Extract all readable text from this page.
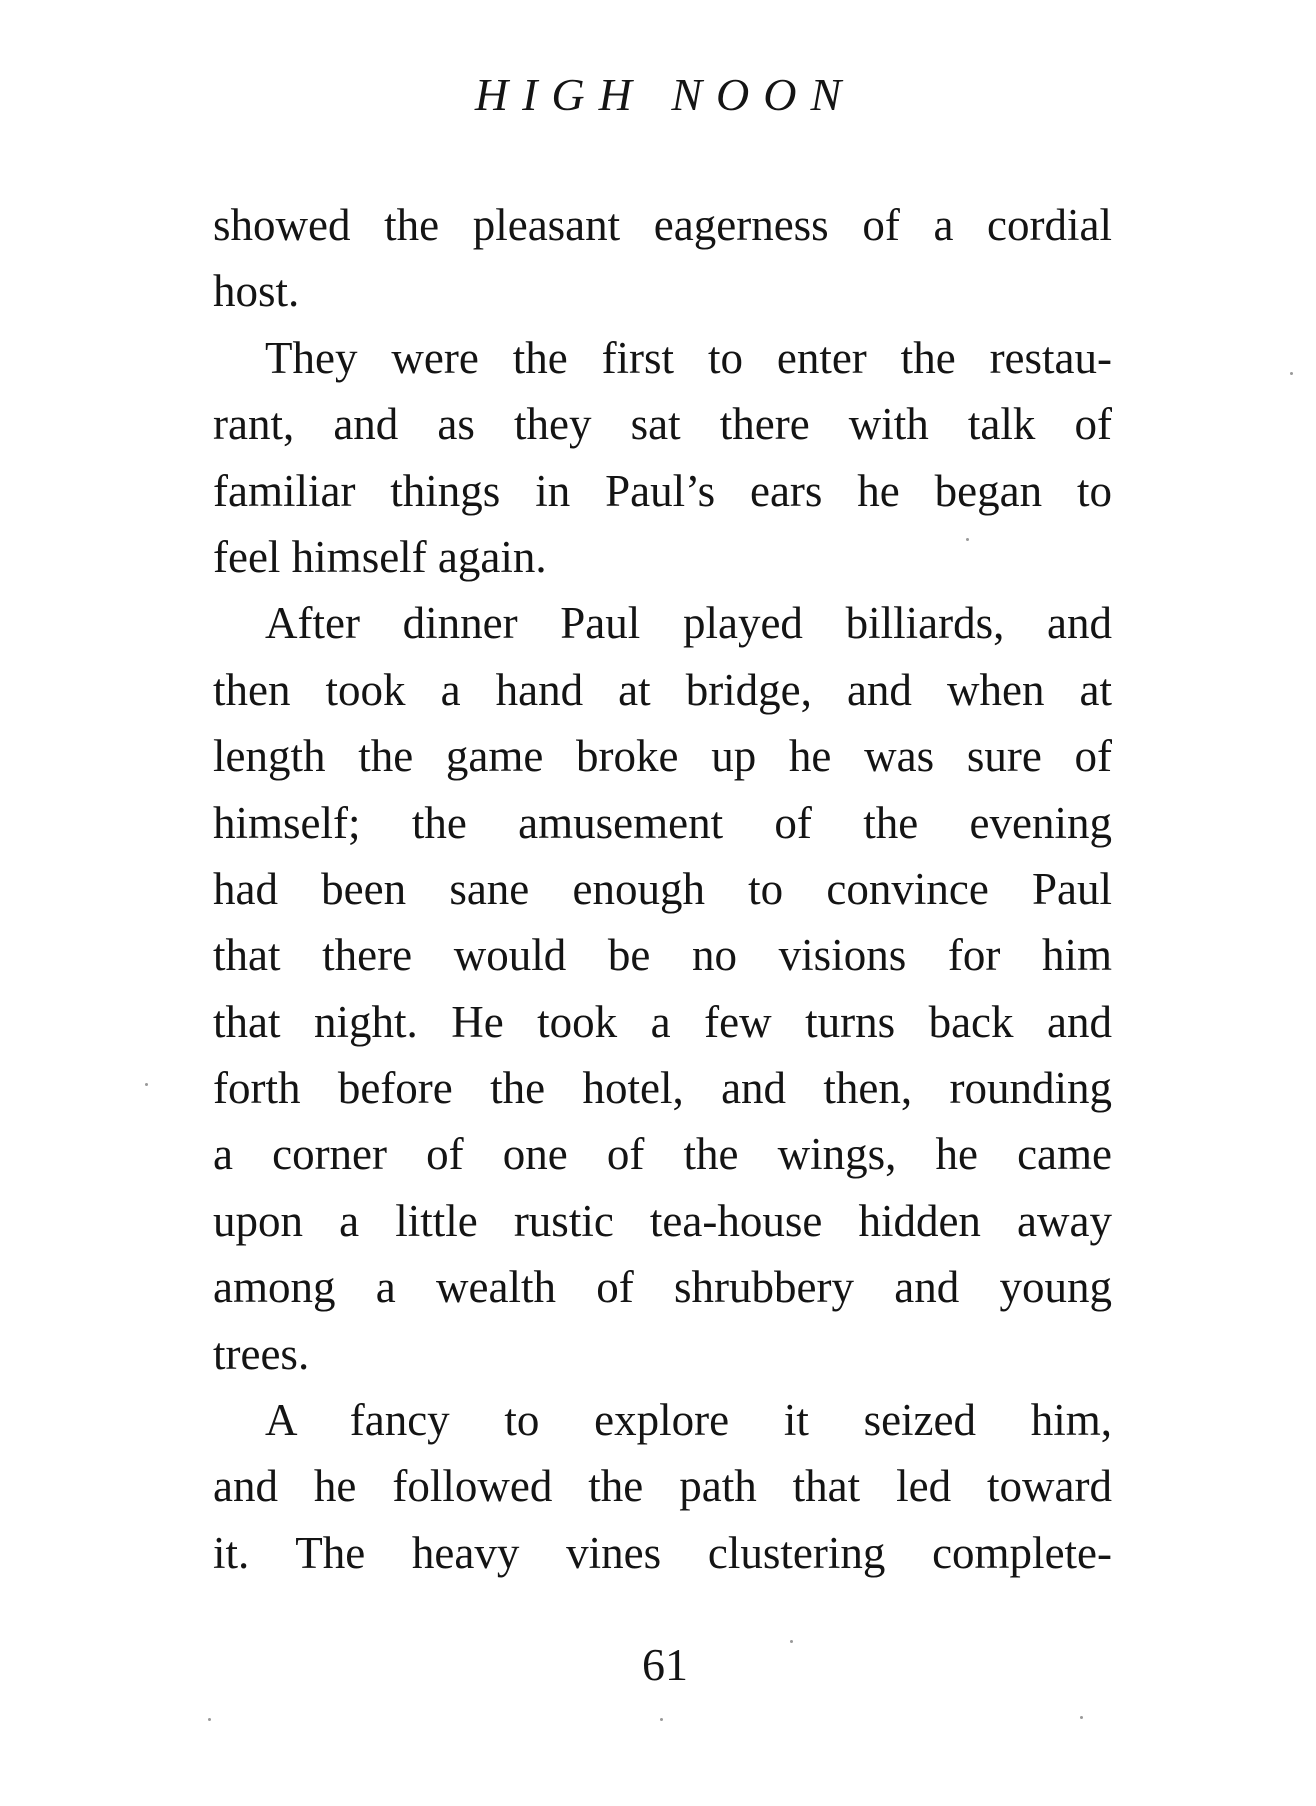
HIGH NOON
showed the pleasant eagerness of a cordial
host.
They were the first to enter the restau-
rant, and as they sat there with talk of
familiar things in Paul’s ears he began to
feel himself again.
After dinner Paul played billiards, and
then took a hand at bridge, and when at
length the game broke up he was sure of
himself; the amusement of the evening
had been sane enough to convince Paul
that there would be no visions for him
that night. He took a few turns back and
forth before the hotel, and then, rounding
a corner of one of the wings, he came
upon a little rustic tea-house hidden away
among a wealth of shrubbery and young
trees.
A fancy to explore it seized him,
and he followed the path that led toward
it. The heavy vines clustering complete-
61
